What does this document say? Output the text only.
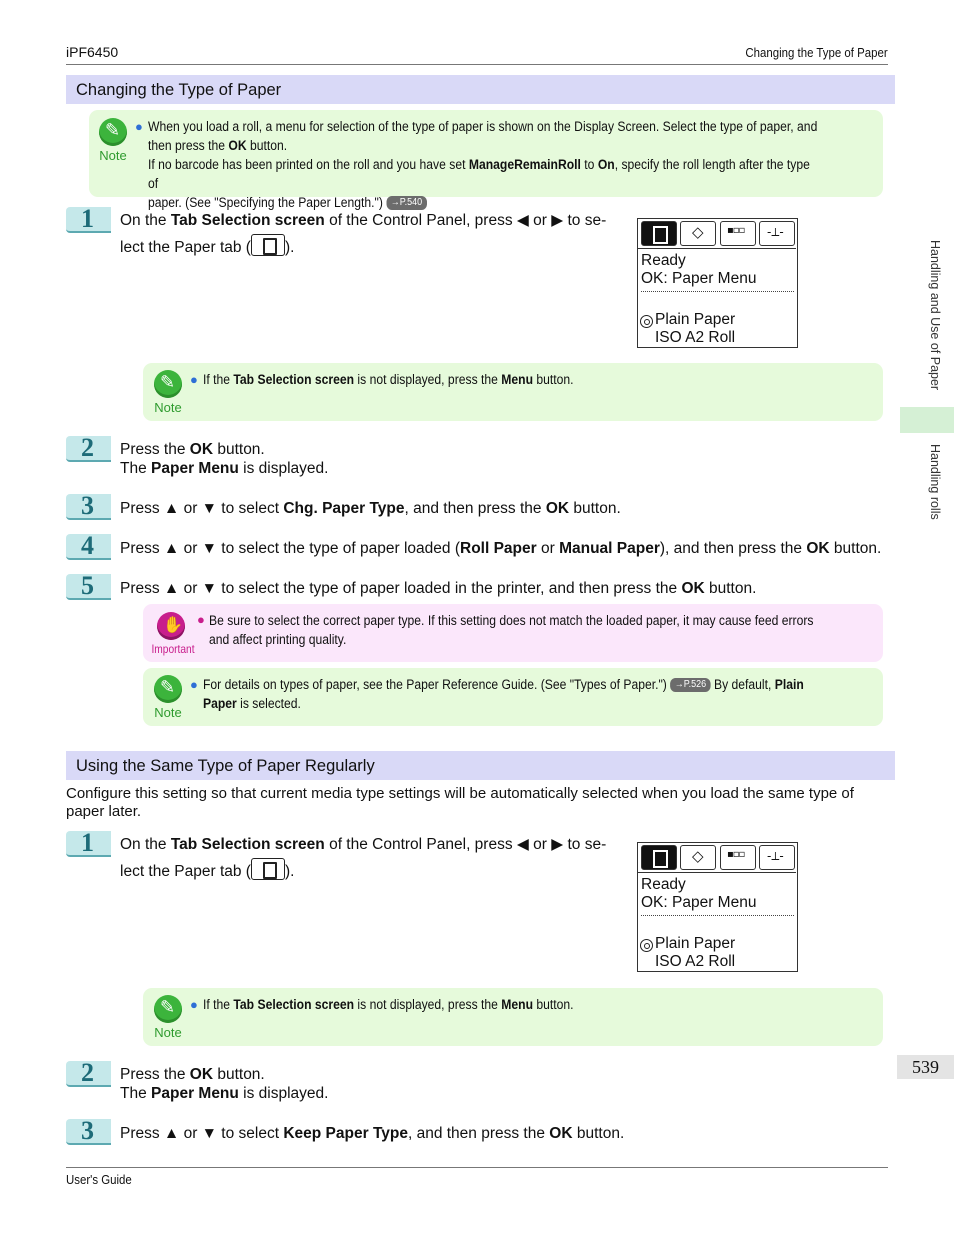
iPF6450	Changing the Type of Paper
Changing the Type of Paper
✎
Note
● When you load a roll, a menu for selection of the type of paper is shown on the Display Screen. Select the type of paper, and
then press the OK button.
If no barcode has been printed on the roll and you have set ManageRemainRoll to On, specify the roll length after the type of
paper. (See "Specifying the Paper Length.") →P.540
1 On the Tab Selection screen of the Control Panel, press ◀ or ▶ to se-
lect the Paper tab ( ).
◇
▪▫▫
-⟂-
Ready
OK: Paper Menu
Plain Paper
ISO A2 Roll
✎
Note
● If the Tab Selection screen is not displayed, press the Menu button.
2 Press the OK button.
The Paper Menu is displayed.
3 Press ▲ or ▼ to select Chg. Paper Type, and then press the OK button.
4 Press ▲ or ▼ to select the type of paper loaded (Roll Paper or Manual Paper), and then press the OK button.
5 Press ▲ or ▼ to select the type of paper loaded in the printer, and then press the OK button.
✋
Important
● Be sure to select the correct paper type. If this setting does not match the loaded paper, it may cause feed errors
and affect printing quality.
✎
Note
● For details on types of paper, see the Paper Reference Guide. (See "Types of Paper.") →P.526 By default, Plain
Paper is selected.
Using the Same Type of Paper Regularly
Configure this setting so that current media type settings will be automatically selected when you load the same type of
paper later.
1 On the Tab Selection screen of the Control Panel, press ◀ or ▶ to se-
lect the Paper tab ( ).
◇
▪▫▫
-⟂-
Ready
OK: Paper Menu
Plain Paper
ISO A2 Roll
✎
Note
● If the Tab Selection screen is not displayed, press the Menu button.
2 Press the OK button.
The Paper Menu is displayed.
3 Press ▲ or ▼ to select Keep Paper Type, and then press the OK button.
Handling and Use of Paper
Handling rolls
539
User's Guide
